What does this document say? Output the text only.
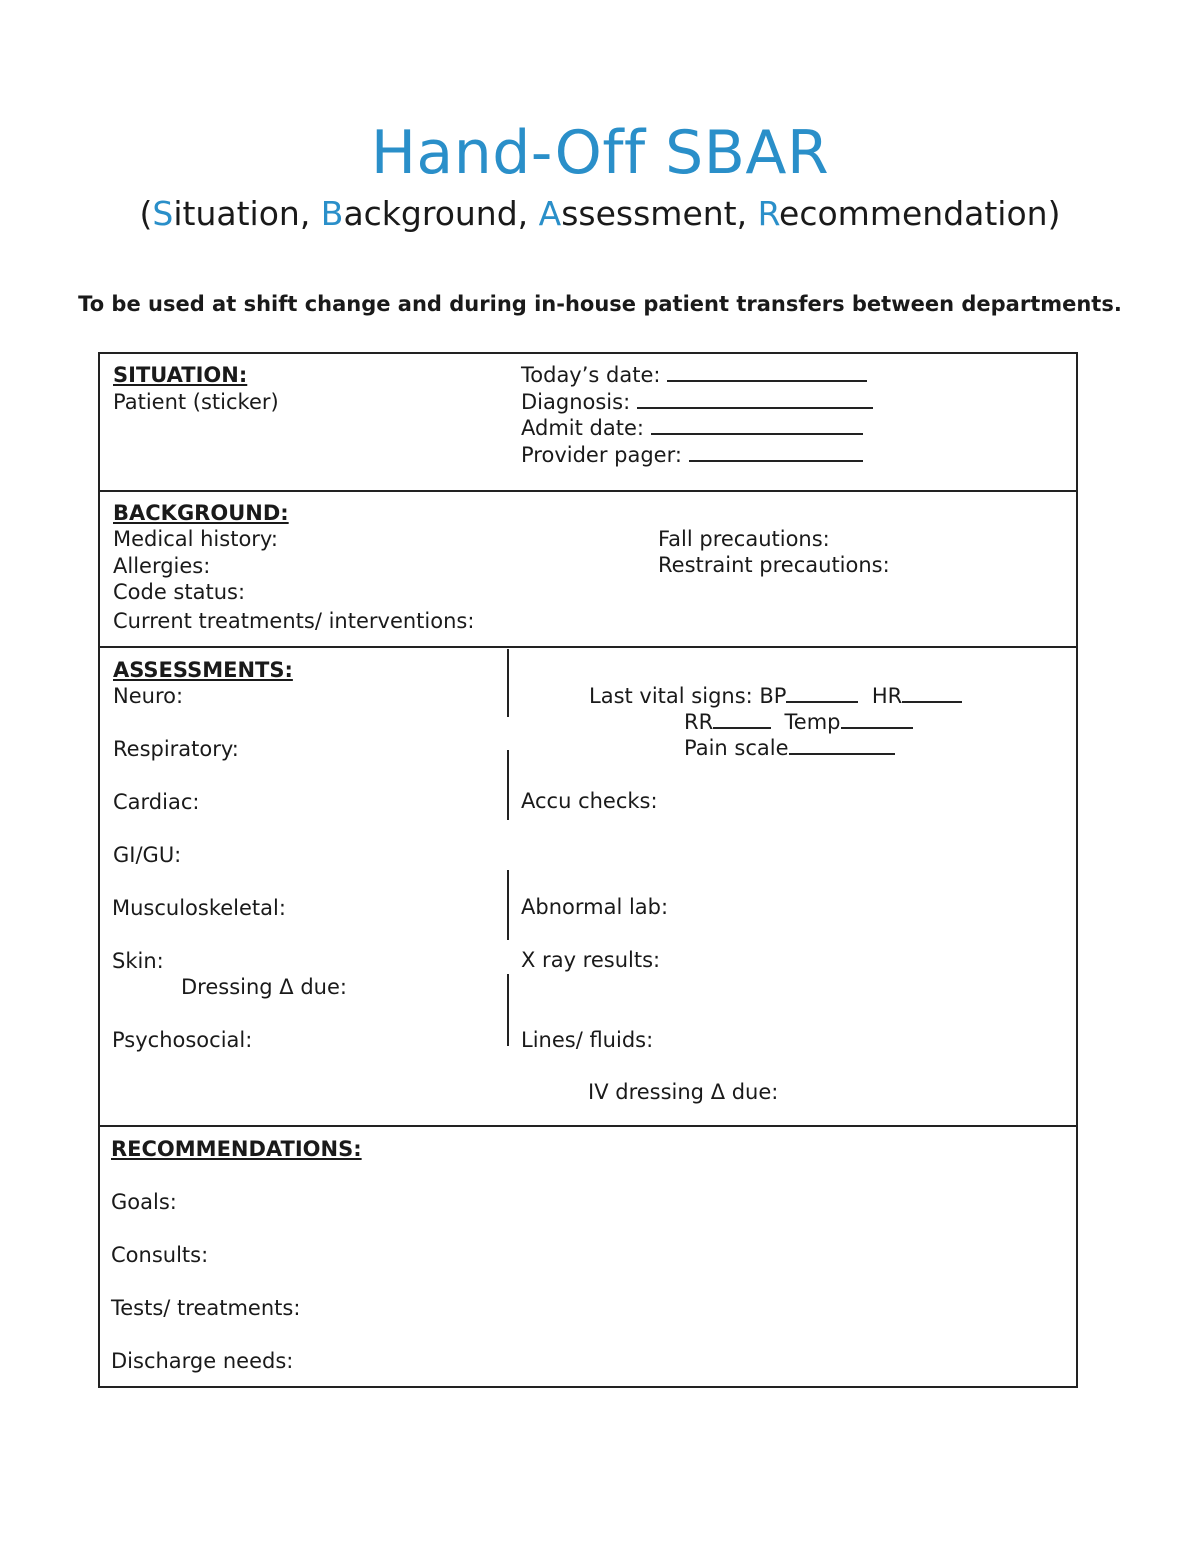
Hand-Off SBAR
(Situation, Background, Assessment, Recommendation)
To be used at shift change and during in-house patient transfers between departments.
SITUATION:
Patient (sticker)
Today’s date:
Diagnosis:
Admit date:
Provider pager:
BACKGROUND:
Medical history:
Allergies:
Code status:
Current treatments/ interventions:
Fall precautions:
Restraint precautions:
ASSESSMENTS:
Neuro:
Respiratory:
Cardiac:
GI/GU:
Musculoskeletal:
Skin:
Dressing Δ due:
Psychosocial:
Last vital signs: BP	HR
RR	Temp
Pain scale
Accu checks:
Abnormal lab:
X ray results:
Lines/ fluids:
IV dressing Δ due:
RECOMMENDATIONS:
Goals:
Consults:
Tests/ treatments:
Discharge needs:
